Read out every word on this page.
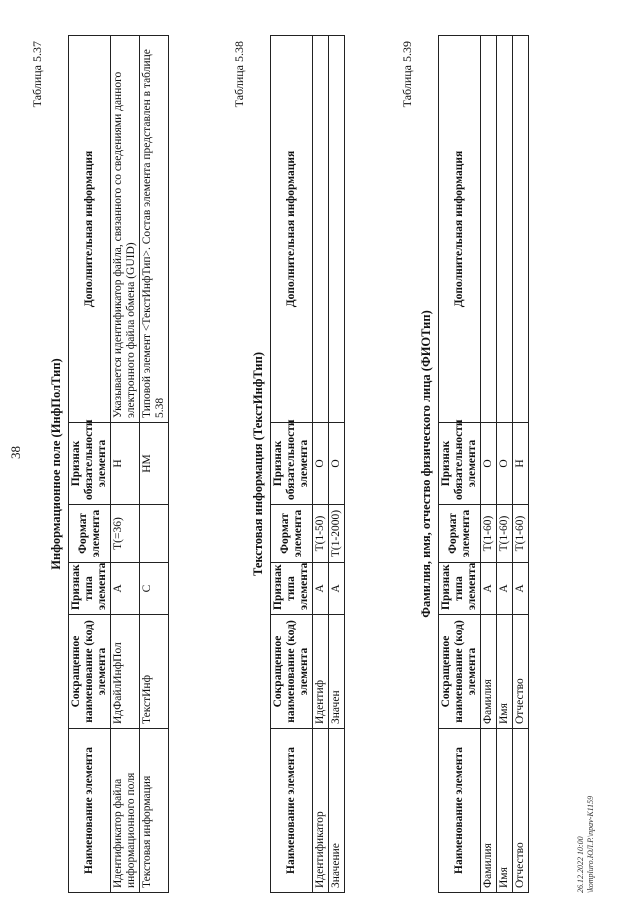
38
Таблица 5.37
Информационное поле (ИнфПолТип)
Наименование элемента	Сокращенное наименование (код) элемента	Признак типа элемента	Формат элемента	Признак обязательности элемента	Дополнительная информация
Идентификатор файла информационного поля	ИдФайлИнфПол	А	T(=36)	Н	Указывается идентификатор файла, связанного со сведениями данного электронного файла обмена (GUID)
Текстовая информация	ТекстИнф	С		НМ	Типовой элемент <ТекстИнфТип>. Состав элемента представлен в таблице 5.38
Таблица 5.38
Текстовая информация (ТекстИнфТип)
Наименование элемента	Сокращенное наименование (код) элемента	Признак типа элемента	Формат элемента	Признак обязательности элемента	Дополнительная информация
Идентификатор	Идентиф	А	T(1-50)	О	
Значение	Значен	А	T(1-2000)	О	
Таблица 5.39
Фамилия, имя, отчество физического лица (ФИОТип)
Наименование элемента	Сокращенное наименование (код) элемента	Признак типа элемента	Формат элемента	Признак обязательности элемента	Дополнительная информация
Фамилия	Фамилия	А	T(1-60)	О	
Имя	Имя	А	T(1-60)	О	
Отчество	Отчество	А	T(1-60)	Н	
26.12.2022 10:00 \kompluro.ЮЛ.P.\npav-К1159
